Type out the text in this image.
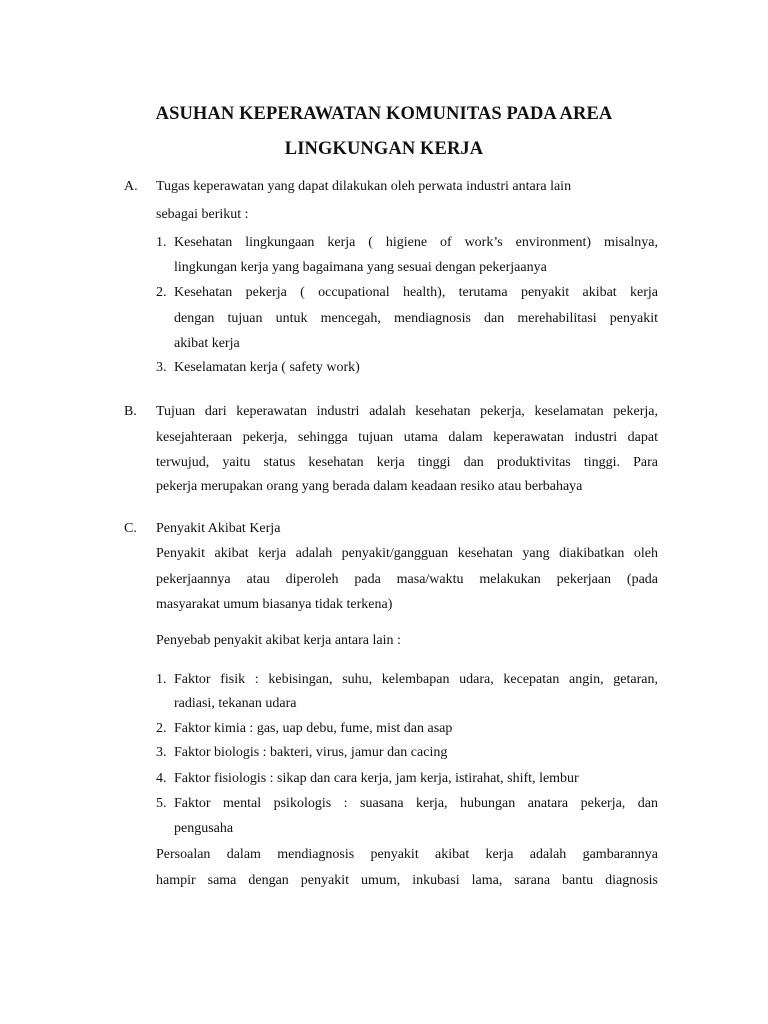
ASUHAN KEPERAWATAN KOMUNITAS PADA AREA
LINGKUNGAN KERJA
A. Tugas keperawatan yang dapat dilakukan oleh perwata industri antara lain
sebagai berikut :
1. Kesehatan lingkungaan kerja ( higiene of work’s environment) misalnya,
lingkungan kerja yang bagaimana yang sesuai dengan pekerjaanya
2. Kesehatan pekerja ( occupational health), terutama penyakit akibat kerja
dengan tujuan untuk mencegah, mendiagnosis dan merehabilitasi penyakit
akibat kerja
3. Keselamatan kerja ( safety work)
B. Tujuan dari keperawatan industri adalah kesehatan pekerja, keselamatan pekerja,
kesejahteraan pekerja, sehingga tujuan utama dalam keperawatan industri dapat
terwujud, yaitu status kesehatan kerja tinggi dan produktivitas tinggi. Para
pekerja merupakan orang yang berada dalam keadaan resiko atau berbahaya
C. Penyakit Akibat Kerja
Penyakit akibat kerja adalah penyakit/gangguan kesehatan yang diakibatkan oleh
pekerjaannya atau diperoleh pada masa/waktu melakukan pekerjaan (pada
masyarakat umum biasanya tidak terkena)
Penyebab penyakit akibat kerja antara lain :
1. Faktor fisik : kebisingan, suhu, kelembapan udara, kecepatan angin, getaran,
radiasi, tekanan udara
2. Faktor kimia : gas, uap debu, fume, mist dan asap
3. Faktor biologis : bakteri, virus, jamur dan cacing
4. Faktor fisiologis : sikap dan cara kerja, jam kerja, istirahat, shift, lembur
5. Faktor mental psikologis : suasana kerja, hubungan anatara pekerja, dan
pengusaha
Persoalan dalam mendiagnosis penyakit akibat kerja adalah gambarannya
hampir sama dengan penyakit umum, inkubasi lama, sarana bantu diagnosis
